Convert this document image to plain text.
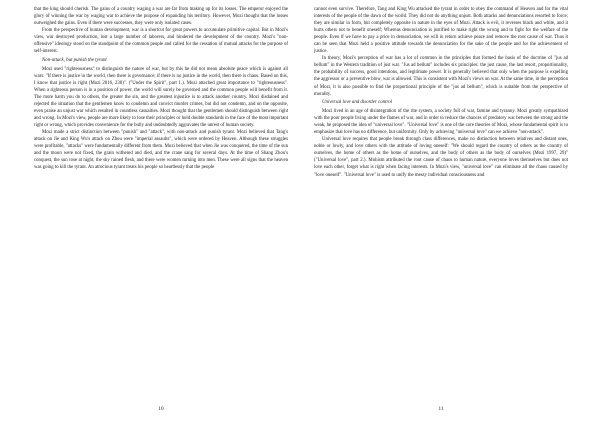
that the king should cherish. The gains of a country waging a war are far from making up for its losses. The emperor enjoyed the glory of winning the war by waging war to achieve the purpose of expanding his territory. However, Mozi thought that the losses outweighed the gains. Even if there were successes, they were only isolated cases.

From the perspective of human development, war is a shortcut for great powers to accumulate primitive capital. But in Mozi's view, war destroyed production, lost a large number of laborers, and hindered the development of the country. Mozi's "non-offensive" ideology stood on the standpoint of the common people and called for the cessation of mutual attacks for the purpose of self-interest.

Non-attack, but punish the tyrant

Mozi used "righteousness" to distinguish the nature of war, but by this he did not mean absolute peace which is against all wars: "If there is justice in the world, then there is governance; if there is no justice in the world, then there is chaos. Based on this, I know that justice is right (Mozi 2016, 238)". ("Under the Spirit", part 1.). Mozi attached great importance to "righteousness". When a righteous person is in a position of power, the world will surely be governed and the common people will benefit from it. The more harm you do to others, the greater the sin, and the greatest injustice is to attack another country. Mozi disdained and rejected the situation that the gentlemen know to condemn and convict murder crimes, but did not condemn, and on the opposite, even praise an unjust war which resulted in countless casualties. Mozi thought that the gentlemen should distinguish between right and wrong. In Mozi's view, people are more likely to lose their principles or hold double standards in the face of the most important right or wrong, which provides convenience for the bully and undoubtedly aggravates the unrest of human society.

Mozi made a strict distinction between "punish" and "attack", with non-attack and punish tyrant. Mozi believed that Tang's attack on Jie and King Wu's attack on Zhou were "imperial assaults", which were ordered by Heaven. Although these struggles were profitable, "attacks" were fundamentally different from them. Mozi believed that when Jie was conquered, the time of the sun and the moon were not fixed, the grain withered and died, and the crane sang for several days. At the time of Shang Zhou's conquest, the sun rose at night, the sky rained flesh, and there were women turning into men. These were all signs that the heaven was going to kill the tyrant. An atrocious tyrant treats his people so heartlessly that the people

10

cannot even survive. Therefore, Tang and King Wu attacked the tyrant in order to obey the command of Heaven and for the vital interests of the people of the dawn of the world. They did not do anything unjust. Both attacks and denunciations resorted to force; they are similar in form, but completely opposite in nature in the eyes of Mozi. Attack is evil, it reverses black and white, and it hurts others not to benefit oneself; Whereas denunciation is justified to make right the wrong and to fight for the welfare of the people. Even if we have to pay a price in denunciation, we will in return achieve peace and remove the root cause of war. Thus it can be seen that Mozi held a positive attitude towards the denunciation for the sake of the people and for the achievement of justice.

In theory, Mozi's perception of war has a lot of common in the principles that formed the basis of the doctrine of "jus ad bellum" in the Western tradition of just war. "Jus ad bellum" includes six principles: the just cause, the last resort, proportionality, the probability of success, good intentions, and legitimate power. It is generally believed that only when the purpose is expelling the aggressor or a preventive blow, war is allowed. This is consistent with Mozi's views on war. At the same time, in the perception of Mozi, it is also possible to find the proportional principle of the "jus ad bellum", which is suitable from the perspective of morality.

Universal love and disorder control

Mozi lived in an age of disintegration of the rite system, a society full of war, famine and tyranny. Mozi greatly sympathized with the poor people living under the flames of war, and in order to reduce the chances of predatory war between the strong and the weak, he proposed the idea of "universal love". "Universal love" is one of the core theories of Mozi, whose fundamental spirit is to emphasize that love has no difference, but uniformity. Only by achieving "universal love" can we achieve "non-attack".

Universal love requires that people break through class differences, make no distinction between relatives and distant ones, noble or lowly, and love others with the attitude of loving oneself: "We should regard the country of others as the country of ourselves, the home of others as the home of ourselves, and the body of others as the body of ourselves (Mozi 1997, 29)" ("Universal love", part 2.). Mohism attributed the root cause of chaos to human nature, everyone loves themselves but does not love each other, forget what is right when facing interests. In Mozi's view, "universal love" can eliminate all the chaos caused by "love oneself". "Universal love" is used to unify the messy individual consciousness and

11
